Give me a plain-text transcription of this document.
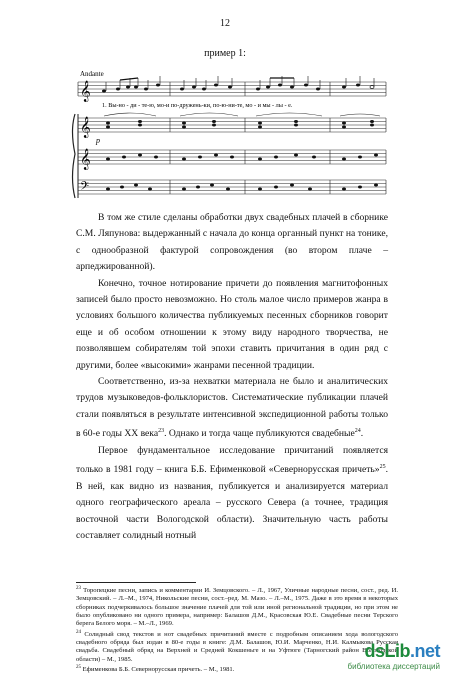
12
пример 1:
Andante
𝄞
1. Вы-но - ди - те-ю, мо-и по-дружень-ки, по-ю-ни-те, мо - и мы - лы - е.
𝄞
p
𝄞
𝄢

В том же стиле сделаны обработки двух свадебных плачей в сборнике С.М. Ляпунова: выдержанный с начала до конца органный пункт на тонике, с однообразной фактурой сопровождения (во втором плаче – арпеджированной).

Конечно, точное нотирование причети до появления магнитофонных записей было просто невозможно. Но столь малое число примеров жанра в условиях большого количества публикуемых песенных сборников говорит еще и об особом отношении к этому виду народного творчества, не позволявшем собирателям той эпохи ставить причитания в один ряд с другими, более «высокими» жанрами песенной традиции.

Соответственно, из-за нехватки материала не было и аналитических трудов музыковедов-фольклористов. Систематические публикации плачей стали появляться в результате интенсивной экспедиционной работы только в 60-е годы XX века$^{23}$. Однако и тогда чаще публикуются свадебные$^{24}$.

Первое фундаментальное исследование причитаний появляется только в 1981 году – книга Б.Б. Ефименковой «Севернорусская причеть»$^{25}$. В ней, как видно из названия, публикуется и анализируется материал одного географического ареала – русского Севера (а точнее, традиция восточной части Вологодской области). Значительную часть работы составляет солидный нотный

$^{23}$ Торопецкие песни, запись и комментарии И. Земцовского. – Л., 1967, Уличные народные песни, сост., ред. И. Земцовский. – Л.–М., 1974, Никольские песни, сост.–ред. М. Мазо. – Л.–М., 1975. Даже в это время в некоторых сборниках подчеркивалось большое значение плачей для той или иной региональной традиции, но при этом не было опубликовано ни одного примера, например: Балашов Д.М., Красовская Ю.Е. Свадебные песни Терского берега Белого моря. – М.–Л., 1969.

$^{24}$ Солидный свод текстов и нот свадебных причитаний вместе с подробным описанием хода вологодского свадебного обряда был издан в 80-е годы в книге: Д.М. Балашов, Ю.И. Марченко, Н.И. Калмыкова Русская свадьба. Свадебный обряд на Верхней и Средней Кокшеньге и на Уфтюге (Тарногский район Вологодской области) – М., 1985.

$^{25}$ Ефименкова Б.Б. Севернорусская причеть. – М., 1981.

dsLib.net
библиотека диссертаций
